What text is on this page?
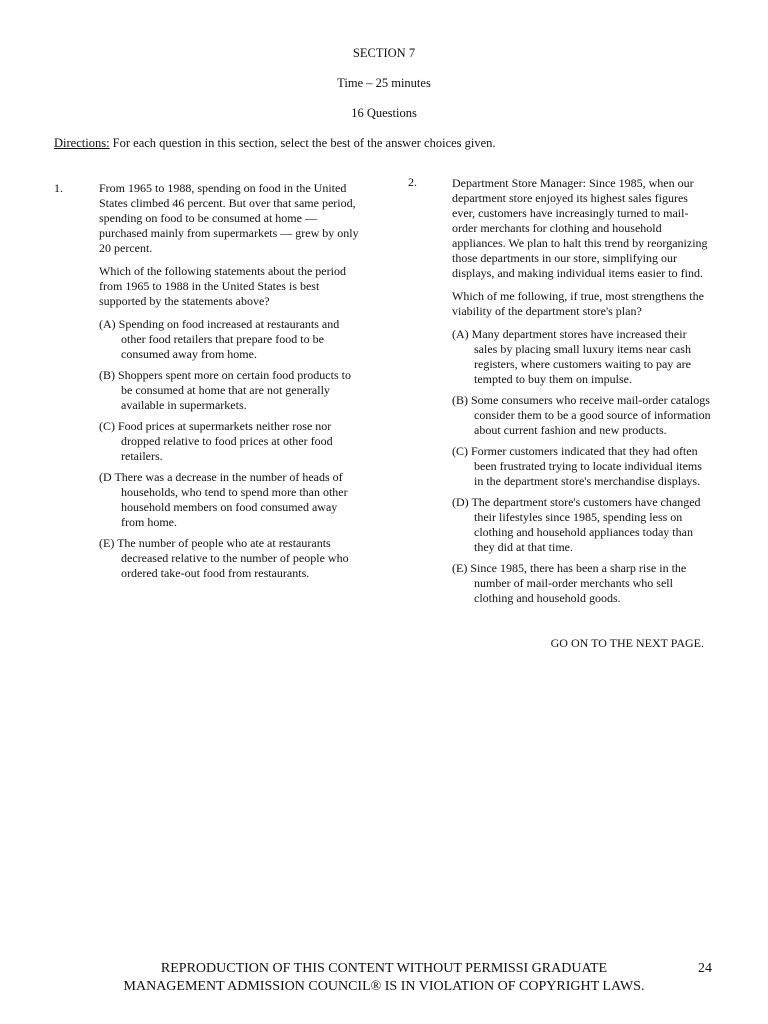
SECTION 7
Time – 25 minutes
16 Questions
Directions: For each question in this section, select the best of the answer choices given.
1.	From 1965 to 1988, spending on food in the United States climbed 46 percent. But over that same period, spending on food to be consumed at home — purchased mainly from supermarkets — grew by only 20 percent.

Which of the following statements about the period from 1965 to 1988 in the United States is best supported by the statements above?

(A) Spending on food increased at restaurants and other food retailers that prepare food to be consumed away from home.
(B) Shoppers spent more on certain food products to be consumed at home that are not generally available in supermarkets.
(C) Food prices at supermarkets neither rose nor dropped relative to food prices at other food retailers.
(D There was a decrease in the number of heads of households, who tend to spend more than other household members on food consumed away from home.
(E) The number of people who ate at restaurants decreased relative to the number of people who ordered take-out food from restaurants.
2.	Department Store Manager: Since 1985, when our department store enjoyed its highest sales figures ever, customers have increasingly turned to mail-order merchants for clothing and household appliances. We plan to halt this trend by reorganizing those departments in our store, simplifying our displays, and making individual items easier to find.

Which of me following, if true, most strengthens the viability of the department store's plan?

(A) Many department stores have increased their sales by placing small luxury items near cash registers, where customers waiting to pay are tempted to buy them on impulse.
(B) Some consumers who receive mail-order catalogs consider them to be a good source of information about current fashion and new products.
(C) Former customers indicated that they had often been frustrated trying to locate individual items in the department store's merchandise displays.
(D) The department store's customers have changed their lifestyles since 1985, spending less on clothing and household appliances today than they did at that time.
(E) Since 1985, there has been a sharp rise in the number of mail-order merchants who sell clothing and household goods.
GO ON TO THE NEXT PAGE.
REPRODUCTION OF THIS CONTENT WITHOUT PERMISSI GRADUATE
MANAGEMENT ADMISSION COUNCIL® IS IN VIOLATION OF COPYRIGHT LAWS.
24
